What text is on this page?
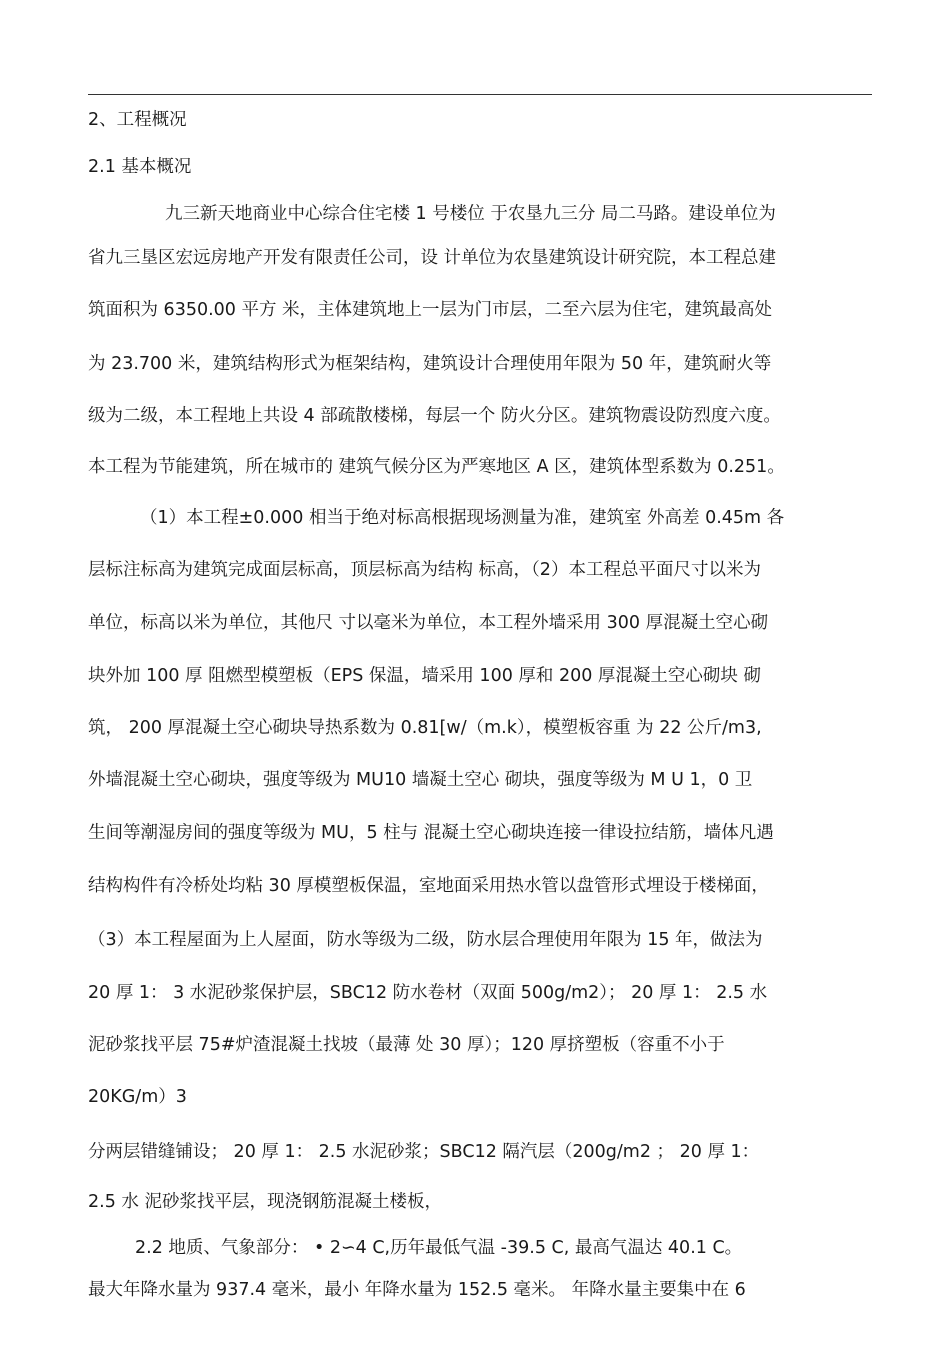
2、工程概况
2.1 基本概况
九三新天地商业中心综合住宅楼 1 号楼位 于农垦九三分 局二马路。建设单位为
省九三垦区宏远房地产开发有限责任公司，设 计单位为农垦建筑设计研究院，本工程总建
筑面积为 6350.00 平方 米，主体建筑地上一层为门市层，二至六层为住宅，建筑最高处
为 23.700 米，建筑结构形式为框架结构，建筑设计合理使用年限为 50 年，建筑耐火等
级为二级，本工程地上共设 4 部疏散楼梯，每层一个 防火分区。建筑物震设防烈度六度。
本工程为节能建筑，所在城市的 建筑气候分区为严寒地区 A 区，建筑体型系数为 0.251。
（1）本工程±0.000 相当于绝对标高根据现场测量为准，建筑室 外高差 0.45m 各
层标注标高为建筑完成面层标高，顶层标高为结构 标高，（2）本工程总平面尺寸以米为
单位，标高以米为单位，其他尺 寸以毫米为单位，本工程外墙采用 300 厚混凝土空心砌
块外加 100 厚 阻燃型模塑板（EPS 保温，墙采用 100 厚和 200 厚混凝土空心砌块 砌
筑， 200 厚混凝土空心砌块导热系数为 0.81[w/（m.k），模塑板容重 为 22 公斤/m3,
外墙混凝土空心砌块，强度等级为 MU10 墙凝土空心 砌块，强度等级为 M U 1，0 卫
生间等潮湿房间的强度等级为 MU，5 柱与 混凝土空心砌块连接一律设拉结筋，墙体凡遇
结构构件有冷桥处均粘 30 厚模塑板保温，室地面采用热水管以盘管形式埋设于楼梯面，
（3）本工程屋面为上人屋面，防水等级为二级，防水层合理使用年限为 15 年，做法为
20 厚 1： 3 水泥砂浆保护层，SBC12 防水卷材（双面 500g/m2）； 20 厚 1： 2.5 水
泥砂浆找平层 75#炉渣混凝土找坡（最薄 处 30 厚）；120 厚挤塑板（容重不小于
20KG/m）3
分两层错缝铺设； 20 厚 1： 2.5 水泥砂浆；SBC12 隔汽层（200g/m2 ； 20 厚 1：
2.5 水 泥砂浆找平层，现浇钢筋混凝土楼板，
2.2 地质、气象部分： • 2∽4 C,历年最低气温 -39.5 C, 最高气温达 40.1 C。
最大年降水量为 937.4 毫米，最小 年降水量为 152.5 毫米。 年降水量主要集中在 6
